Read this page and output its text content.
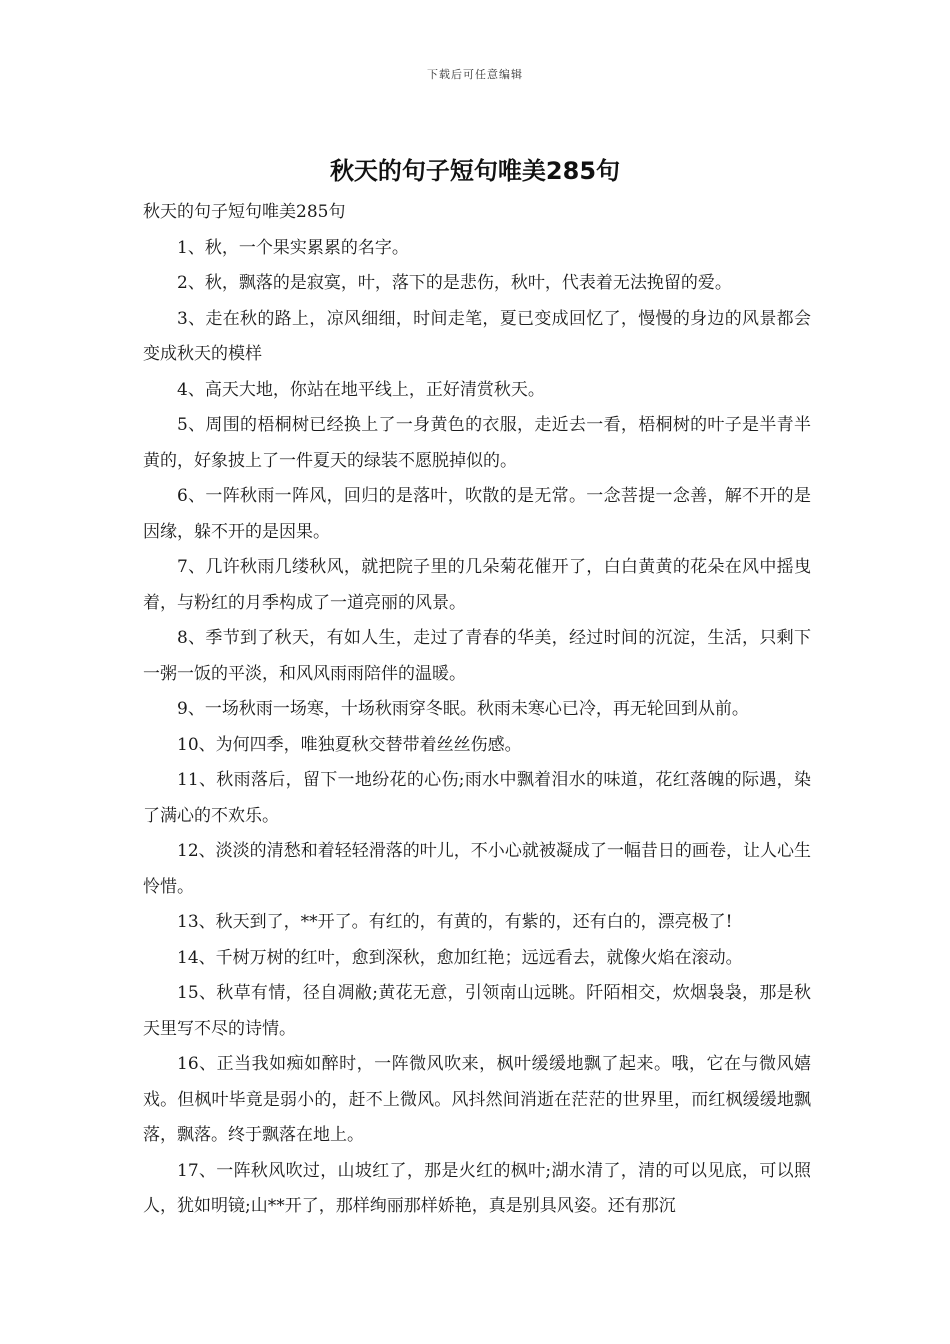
下载后可任意编辑
秋天的句子短句唯美285句

秋天的句子短句唯美285句

1、秋，一个果实累累的名字。

2、秋，飘落的是寂寞，叶，落下的是悲伤，秋叶，代表着无法挽留的爱。

3、走在秋的路上，凉风细细，时间走笔，夏已变成回忆了，慢慢的身边的风景都会变成秋天的模样

4、高天大地，你站在地平线上，正好清赏秋天。

5、周围的梧桐树已经换上了一身黄色的衣服，走近去一看，梧桐树的叶子是半青半黄的，好象披上了一件夏天的绿装不愿脱掉似的。

6、一阵秋雨一阵风，回归的是落叶，吹散的是无常。一念菩提一念善，解不开的是因缘，躲不开的是因果。

7、几许秋雨几缕秋风，就把院子里的几朵菊花催开了，白白黄黄的花朵在风中摇曳着，与粉红的月季构成了一道亮丽的风景。

8、季节到了秋天，有如人生，走过了青春的华美，经过时间的沉淀，生活，只剩下一粥一饭的平淡，和风风雨雨陪伴的温暖。

9、一场秋雨一场寒，十场秋雨穿冬眠。秋雨未寒心已冷，再无轮回到从前。

10、为何四季，唯独夏秋交替带着丝丝伤感。

11、秋雨落后，留下一地纷花的心伤;雨水中飘着泪水的味道，花红落魄的际遇，染了满心的不欢乐。

12、淡淡的清愁和着轻轻滑落的叶儿，不小心就被凝成了一幅昔日的画卷，让人心生怜惜。

13、秋天到了，**开了。有红的，有黄的，有紫的，还有白的，漂亮极了!

14、千树万树的红叶，愈到深秋，愈加红艳；远远看去，就像火焰在滚动。

15、秋草有情，径自凋敝;黄花无意，引领南山远眺。阡陌相交，炊烟袅袅，那是秋天里写不尽的诗情。

16、正当我如痴如醉时，一阵微风吹来，枫叶缓缓地飘了起来。哦，它在与微风嬉戏。但枫叶毕竟是弱小的，赶不上微风。风抖然间消逝在茫茫的世界里，而红枫缓缓地飘落，飘落。终于飘落在地上。

17、一阵秋风吹过，山坡红了，那是火红的枫叶;湖水清了，清的可以见底，可以照人，犹如明镜;山**开了，那样绚丽那样娇艳，真是别具风姿。还有那沉
